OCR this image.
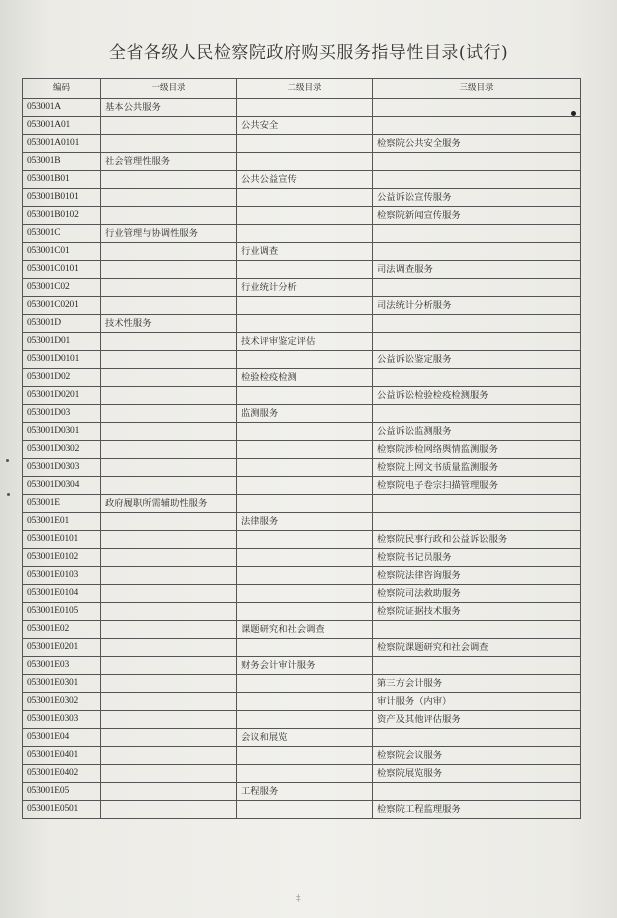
全省各级人民检察院政府购买服务指导性目录(试行)
编码	一级目录	二级目录	三级目录
053001A	基本公共服务		
053001A01		公共安全	
053001A0101			检察院公共安全服务
053001B	社会管理性服务		
053001B01		公共公益宣传	
053001B0101			公益诉讼宣传服务
053001B0102			检察院新闻宣传服务
053001C	行业管理与协调性服务		
053001C01		行业调查	
053001C0101			司法调查服务
053001C02		行业统计分析	
053001C0201			司法统计分析服务
053001D	技术性服务		
053001D01		技术评审鉴定评估	
053001D0101			公益诉讼鉴定服务
053001D02		检验检疫检测	
053001D0201			公益诉讼检验检疫检测服务
053001D03		监测服务	
053001D0301			公益诉讼监测服务
053001D0302			检察院涉检网络舆情监测服务
053001D0303			检察院上网文书质量监测服务
053001D0304			检察院电子卷宗扫描管理服务
053001E	政府履职所需辅助性服务		
053001E01		法律服务	
053001E0101			检察院民事行政和公益诉讼服务
053001E0102			检察院书记员服务
053001E0103			检察院法律咨询服务
053001E0104			检察院司法救助服务
053001E0105			检察院证据技术服务
053001E02		课题研究和社会调查	
053001E0201			检察院课题研究和社会调查
053001E03		财务会计审计服务	
053001E0301			第三方会计服务
053001E0302			审计服务（内审）
053001E0303			资产及其他评估服务
053001E04		会议和展览	
053001E0401			检察院会议服务
053001E0402			检察院展览服务
053001E05		工程服务	
053001E0501			检察院工程监理服务
‡
